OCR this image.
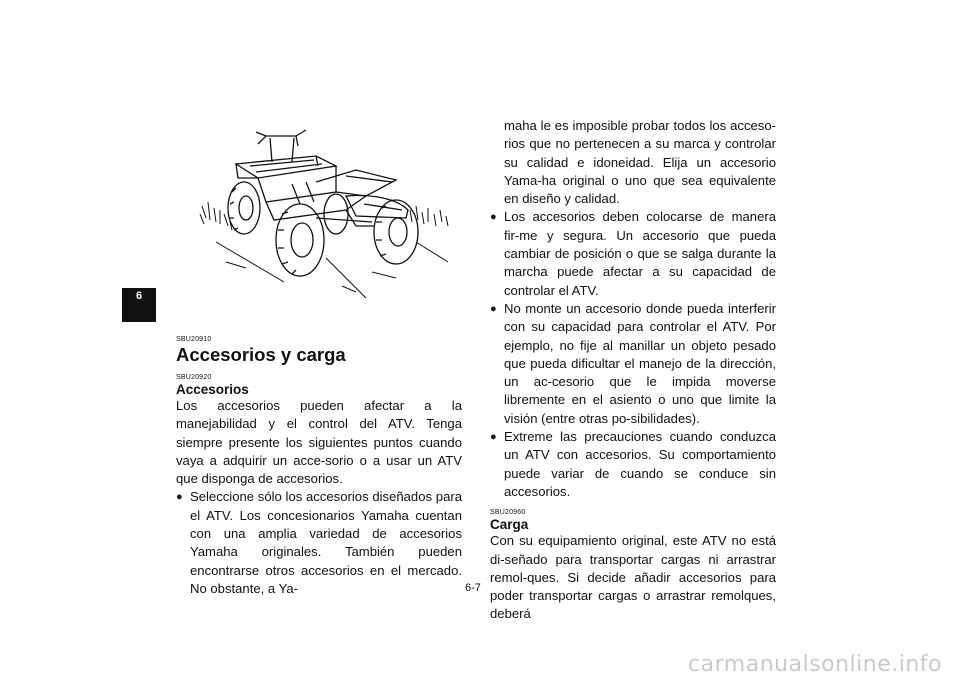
6

SBU20910

Accesorios y carga

SBU20920

Accesorios

Los accesorios pueden afectar a la manejabilidad y el control del ATV. Tenga siempre presente los siguientes puntos cuando vaya a adquirir un acce-sorio o a usar un ATV que disponga de accesorios.

● Seleccione sólo los accesorios diseñados para el ATV. Los concesionarios Yamaha cuentan con una amplia variedad de accesorios Yamaha originales. También pueden encontrarse otros accesorios en el mercado. No obstante, a Ya-

maha le es imposible probar todos los acceso-rios que no pertenecen a su marca y controlar su calidad e idoneidad. Elija un accesorio Yama-ha original o uno que sea equivalente en diseño y calidad.

● Los accesorios deben colocarse de manera fir-me y segura. Un accesorio que pueda cambiar de posición o que se salga durante la marcha puede afectar a su capacidad de controlar el ATV.
● No monte un accesorio donde pueda interferir con su capacidad para controlar el ATV. Por ejemplo, no fije al manillar un objeto pesado que pueda dificultar el manejo de la dirección, un ac-cesorio que le impida moverse libremente en el asiento o uno que limite la visión (entre otras po-sibilidades).
● Extreme las precauciones cuando conduzca un ATV con accesorios. Su comportamiento puede variar de cuando se conduce sin accesorios.

SBU20960

Carga

Con su equipamiento original, este ATV no está di-señado para transportar cargas ni arrastrar remol-ques. Si decide añadir accesorios para poder transportar cargas o arrastrar remolques, deberá

6-7
carmanualsonline.info
